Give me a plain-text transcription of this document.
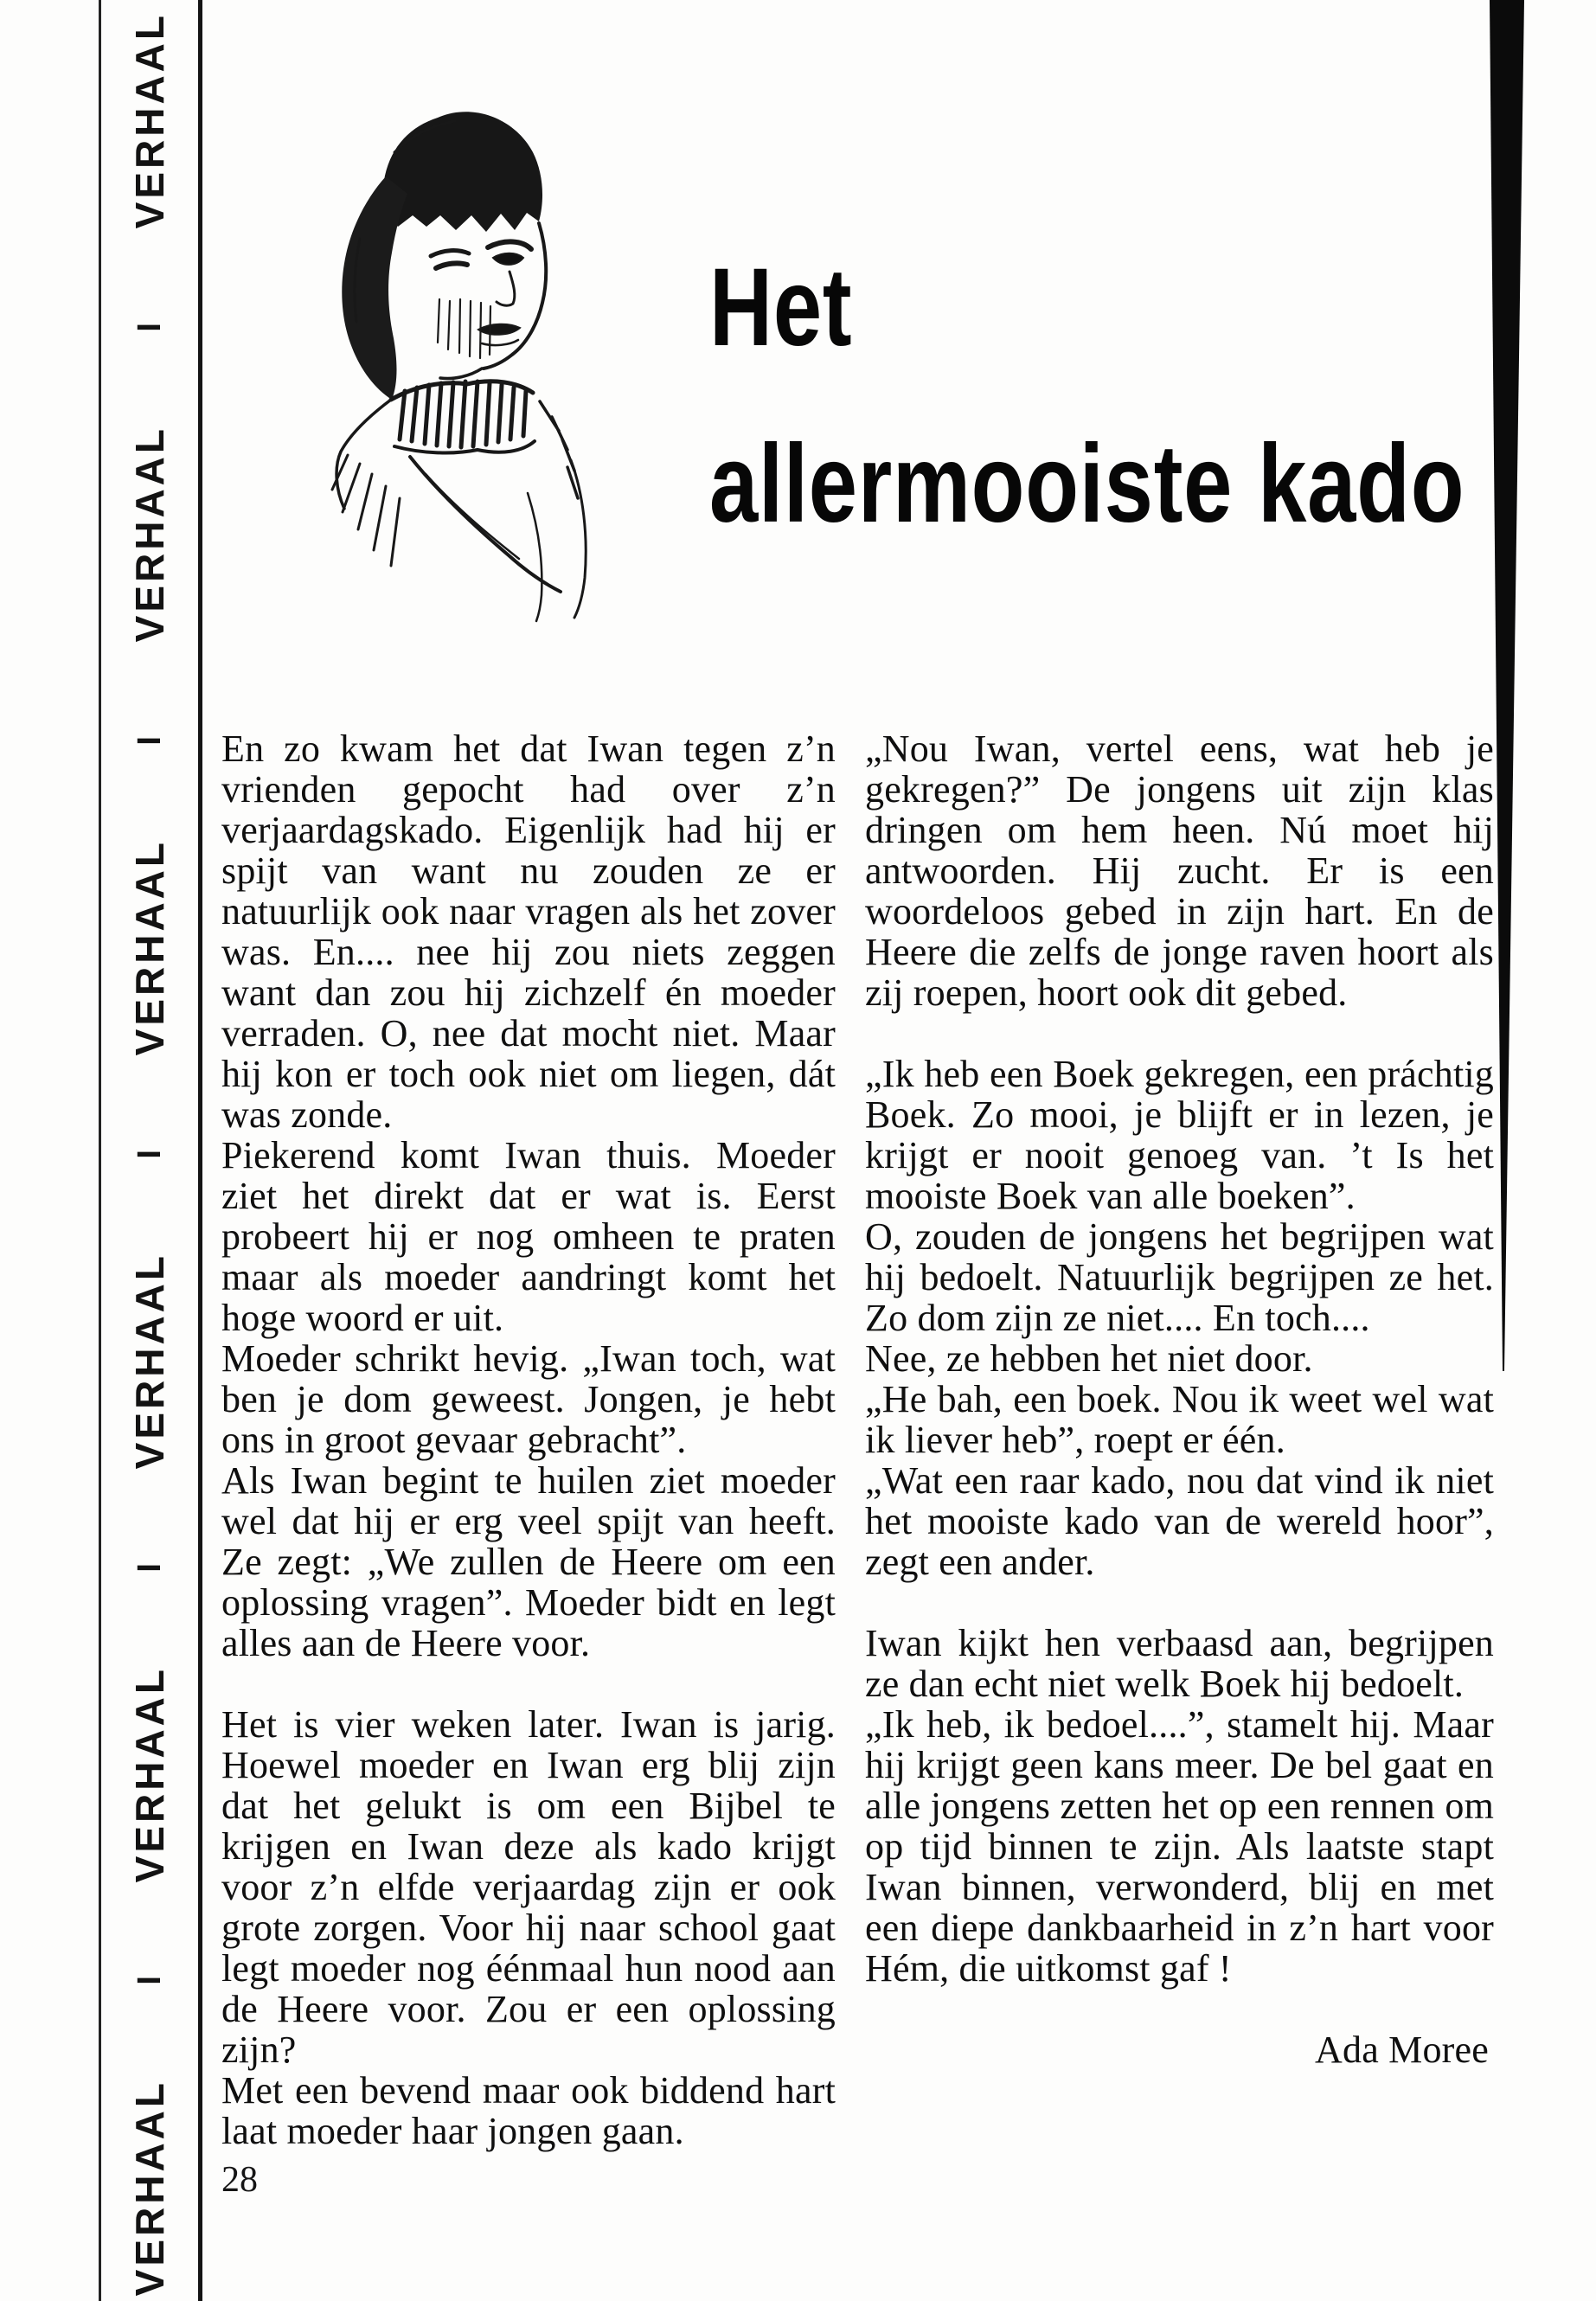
VERHAAL
I
VERHAAL
I
VERHAAL
I
VERHAAL
I
VERHAAL
I
VERHAAL
Het
allermooiste kado

En zo kwam het dat Iwan tegen z’n vrienden gepocht had over z’n verjaardagskado. Eigenlijk had hij er spijt van want nu zouden ze er natuurlijk ook naar vragen als het zover was. En.... nee hij zou niets zeggen want dan zou hij zichzelf én moeder verraden. O, nee dat mocht niet. Maar hij kon er toch ook niet om liegen, dát was zonde.

Piekerend komt Iwan thuis. Moeder ziet het direkt dat er wat is. Eerst probeert hij er nog omheen te praten maar als moeder aandringt komt het hoge woord er uit.

Moeder schrikt hevig. „Iwan toch, wat ben je dom geweest. Jongen, je hebt ons in groot gevaar gebracht”.

Als Iwan begint te huilen ziet moeder wel dat hij er erg veel spijt van heeft. Ze zegt: „We zullen de Heere om een oplossing vragen”. Moeder bidt en legt alles aan de Heere voor.

Het is vier weken later. Iwan is jarig. Hoewel moeder en Iwan erg blij zijn dat het gelukt is om een Bijbel te krijgen en Iwan deze als kado krijgt voor z’n elfde verjaardag zijn er ook grote zorgen. Voor hij naar school gaat legt moeder nog éénmaal hun nood aan de Heere voor. Zou er een oplossing zijn?

Met een bevend maar ook biddend hart laat moeder haar jongen gaan.

„Nou Iwan, vertel eens, wat heb je gekregen?” De jongens uit zijn klas dringen om hem heen. Nú moet hij antwoorden. Hij zucht. Er is een woordeloos gebed in zijn hart. En de Heere die zelfs de jonge raven hoort als zij roepen, hoort ook dit gebed.

„Ik heb een Boek gekregen, een práchtig Boek. Zo mooi, je blijft er in lezen, je krijgt er nooit genoeg van. ’t Is het mooiste Boek van alle boeken”.

O, zouden de jongens het begrijpen wat hij bedoelt. Natuurlijk begrijpen ze het. Zo dom zijn ze niet.... En toch....

Nee, ze hebben het niet door.

„He bah, een boek. Nou ik weet wel wat ik liever heb”, roept er één.

„Wat een raar kado, nou dat vind ik niet het mooiste kado van de wereld hoor”, zegt een ander.

Iwan kijkt hen verbaasd aan, begrijpen ze dan echt niet welk Boek hij bedoelt.

„Ik heb, ik bedoel....”, stamelt hij. Maar hij krijgt geen kans meer. De bel gaat en alle jongens zetten het op een rennen om op tijd binnen te zijn. Als laatste stapt Iwan binnen, verwonderd, blij en met een diepe dankbaarheid in z’n hart voor Hém, die uitkomst gaf !

Ada Moree

28
